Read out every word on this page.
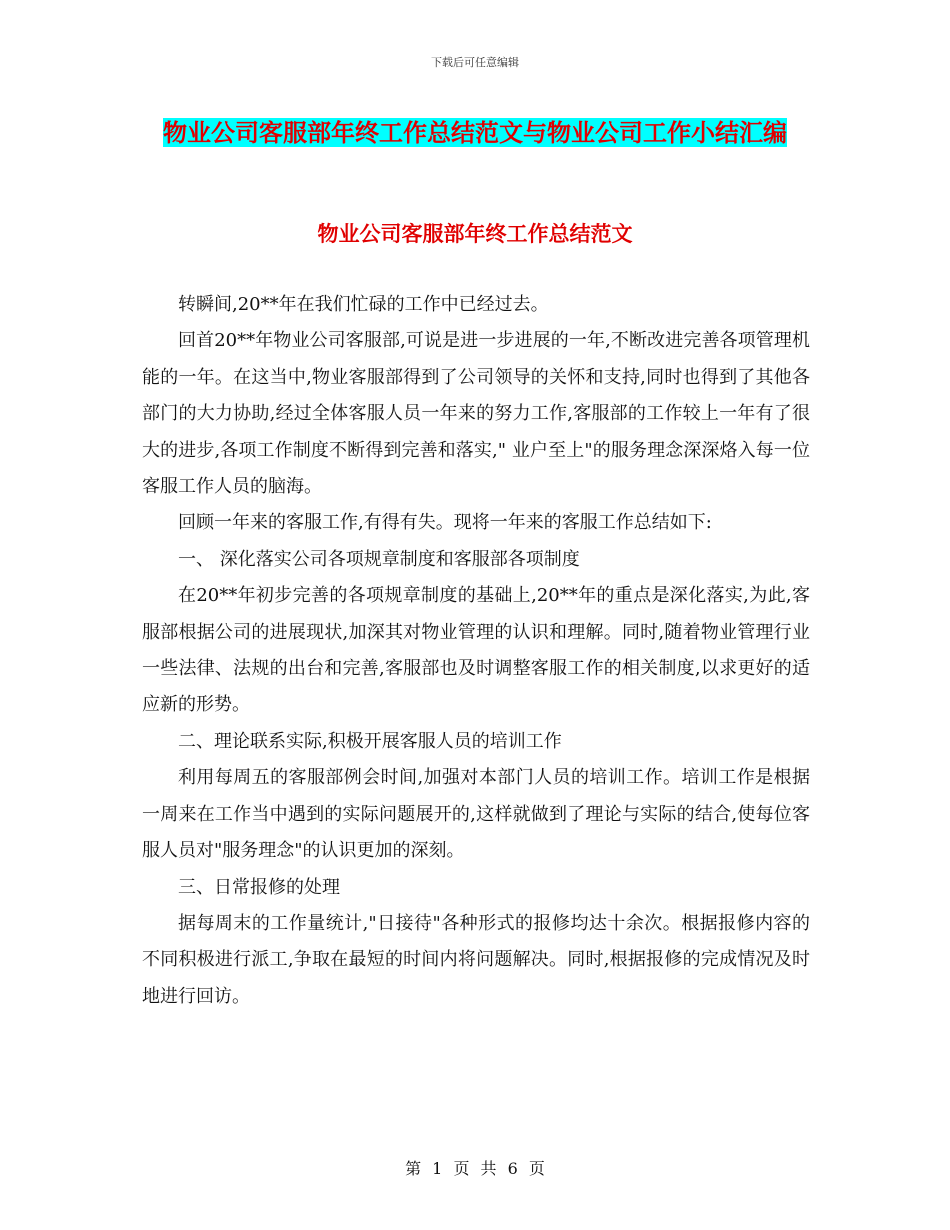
下载后可任意编辑
物业公司客服部年终工作总结范文与物业公司工作小结汇编
物业公司客服部年终工作总结范文

转瞬间,20**年在我们忙碌的工作中已经过去。

回首20**年物业公司客服部,可说是进一步进展的一年,不断改进完善各项管理机能的一年。在这当中,物业客服部得到了公司领导的关怀和支持,同时也得到了其他各部门的大力协助,经过全体客服人员一年来的努力工作,客服部的工作较上一年有了很大的进步,各项工作制度不断得到完善和落实," 业户至上"的服务理念深深烙入每一位客服工作人员的脑海。

回顾一年来的客服工作,有得有失。现将一年来的客服工作总结如下:

一、 深化落实公司各项规章制度和客服部各项制度

在20**年初步完善的各项规章制度的基础上,20**年的重点是深化落实,为此,客服部根据公司的进展现状,加深其对物业管理的认识和理解。同时,随着物业管理行业一些法律、法规的出台和完善,客服部也及时调整客服工作的相关制度,以求更好的适应新的形势。

二、理论联系实际,积极开展客服人员的培训工作

利用每周五的客服部例会时间,加强对本部门人员的培训工作。培训工作是根据一周来在工作当中遇到的实际问题展开的,这样就做到了理论与实际的结合,使每位客服人员对"服务理念"的认识更加的深刻。

三、日常报修的处理

据每周末的工作量统计,"日接待"各种形式的报修均达十余次。根据报修内容的不同积极进行派工,争取在最短的时间内将问题解决。同时,根据报修的完成情况及时地进行回访。

第 1 页 共 6 页
